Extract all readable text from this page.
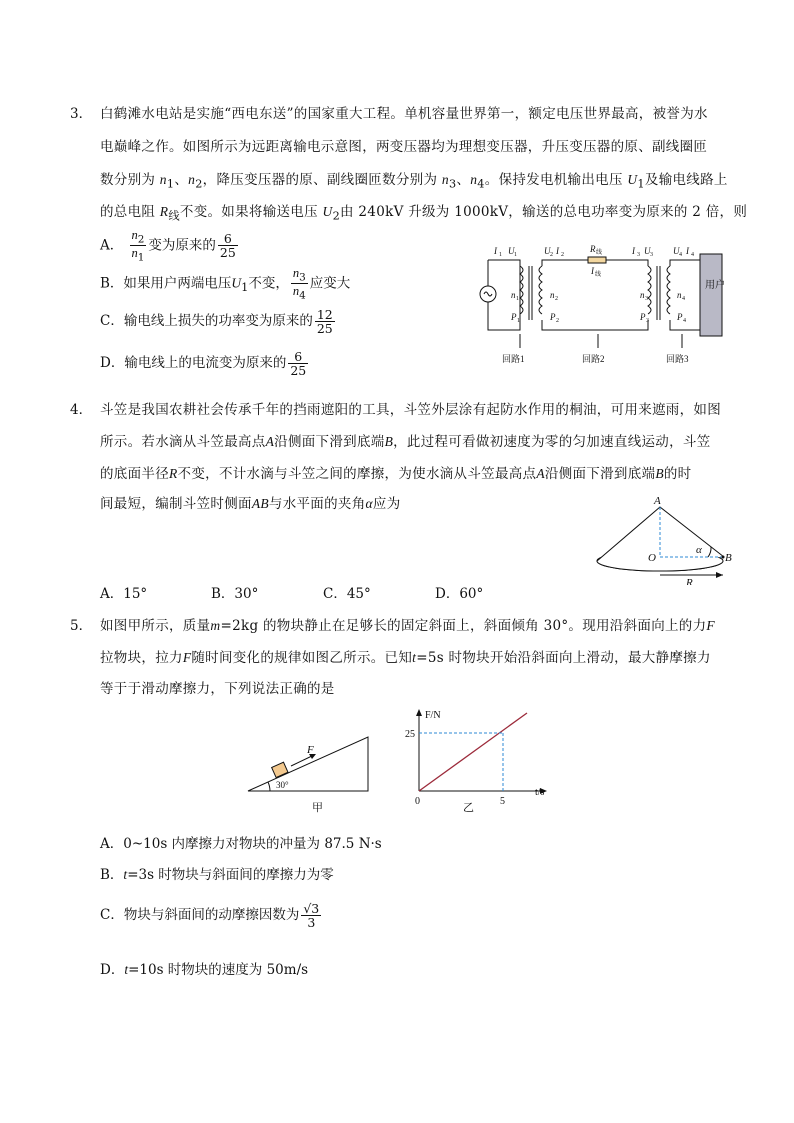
3． 白鹤滩水电站是实施“西电东送”的国家重大工程。单机容量世界第一，额定电压世界最高，被誉为水
电巅峰之作。如图所示为远距离输电示意图，两变压器均为理想变压器，升压变压器的原、副线圈匝
数分别为 $n_1$、$n_2$，降压变压器的原、副线圈匝数分别为 $n_3$、$n_4$。保持发电机输出电压 $U_1$及输电线路上
的总电阻 $R_线$不变。如果将输送电压 $U_2$由 240kV 升级为 1000kV，输送的总电功率变为原来的 2 倍，则
A． $\frac{n_2}{n_1}$ 变为原来的 $\frac{6}{25}$
B．如果用户两端电压$U_1$不变， $\frac{n_3}{n_4}$ 应变大
C．输电线上损失的功率变为原来的 $\frac{12}{25}$
D．输电线上的电流变为原来的 $\frac{6}{25}$
I 1 U 1	U 2 I 2
R 线
I 线
I 3 U 3 U 4 I 4
n 1	n 2	n 3	n 4
P 1	P 2	P 3	P 4
用户
回路1	回路2	回路3
4． 斗笠是我国农耕社会传承千年的挡雨遮阳的工具，斗笠外层涂有起防水作用的桐油，可用来遮雨，如图
所示。若水滴从斗笠最高点A沿侧面下滑到底端B，此过程可看做初速度为零的匀加速直线运动，斗笠
的底面半径R不变，不计水滴与斗笠之间的摩擦，为使水滴从斗笠最高点A沿侧面下滑到底端B的时
间最短，编制斗笠时侧面AB与水平面的夹角α应为	A
B
O
α
R
A．15°	B．30°	C．45°	D．60°
5． 如图甲所示，质量m=2kg 的物块静止在足够长的固定斜面上，斜面倾角 30°。现用沿斜面向上的力F
拉物块，拉力F随时间变化的规律如图乙所示。已知t=5s 时物块开始沿斜面向上滑动，最大静摩擦力
等于于滑动摩擦力，下列说法正确的是
F
30°
甲
F/N
t/s
25
5
0
乙
A．0~10s 内摩擦力对物块的冲量为 87.5 N·s
B．t=3s 时物块与斜面间的摩擦力为零
C．物块与斜面间的动摩擦因数为 $\frac{√3}{3}$
D．t=10s 时物块的速度为 50m/s
